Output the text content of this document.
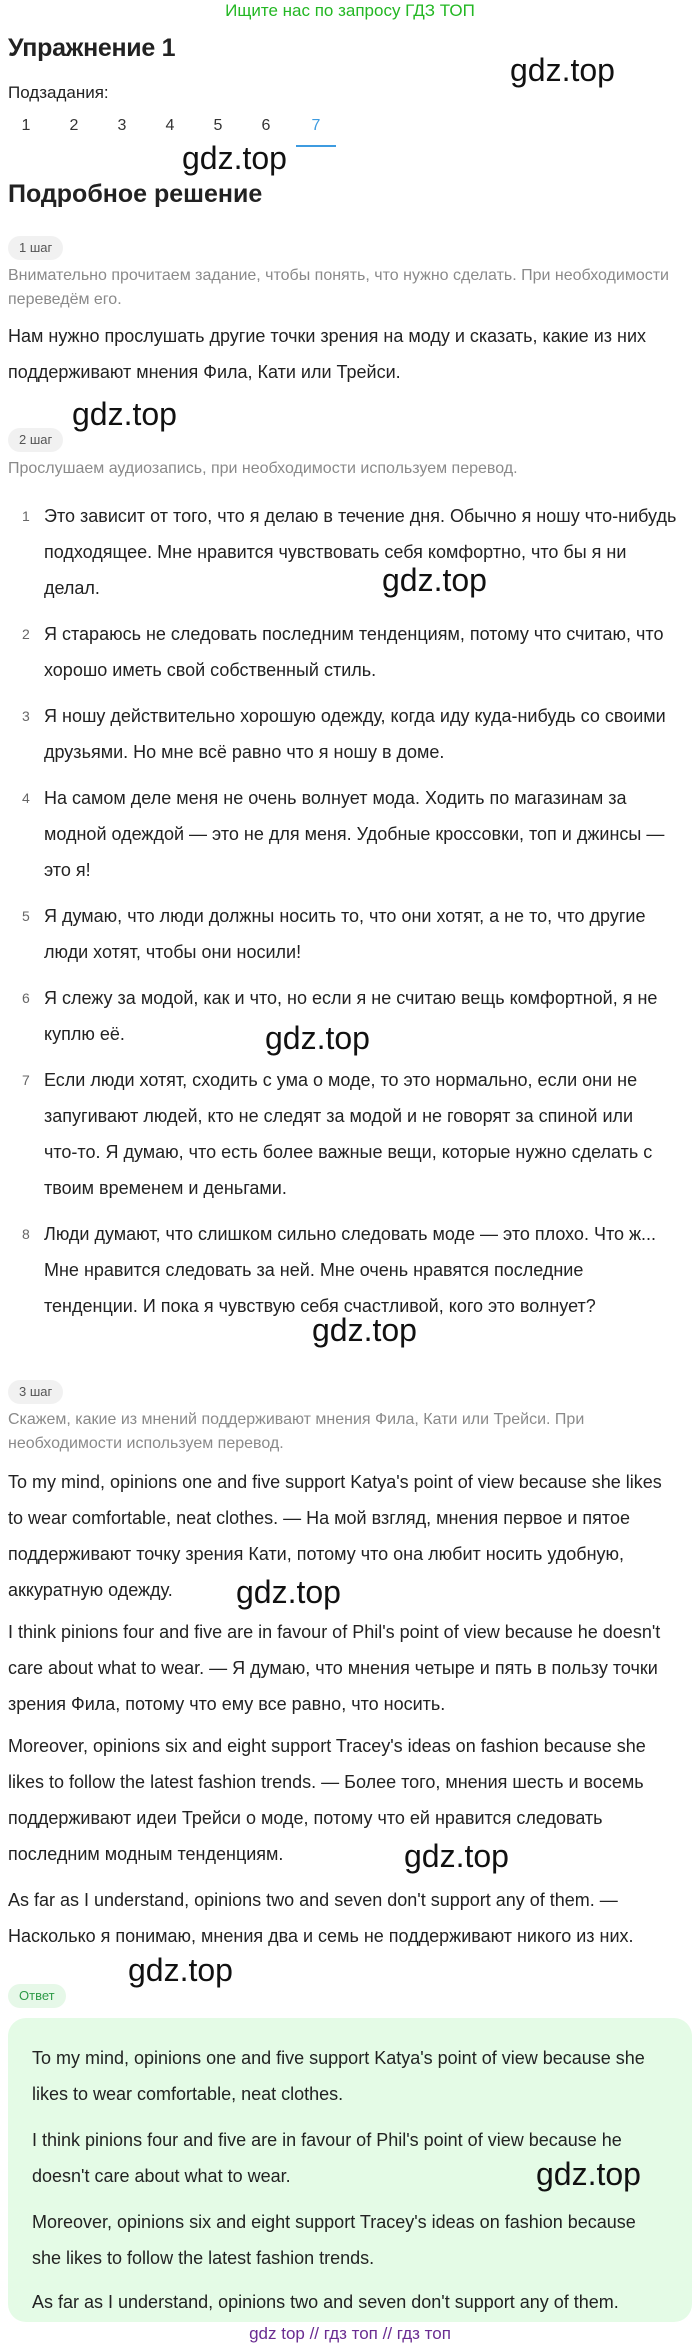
Ищите нас по запросу ГДЗ ТОП
Упражнение 1
gdz.top
Подзадания:
1	2	3	4	5	6	7
gdz.top
Подробное решение
1 шаг
Внимательно прочитаем задание, чтобы понять, что нужно сделать. При необходимости переведём его.
Нам нужно прослушать другие точки зрения на моду и сказать, какие из них
поддерживают мнения Фила, Кати или Трейси.
gdz.top
2 шаг
Прослушаем аудиозапись, при необходимости используем перевод.
1 Это зависит от того, что я делаю в течение дня. Обычно я ношу что-нибудь
подходящее. Мне нравится чувствовать себя комфортно, что бы я ни
делал.	gdz.top
2 Я стараюсь не следовать последним тенденциям, потому что считаю, что
хорошо иметь свой собственный стиль.
3 Я ношу действительно хорошую одежду, когда иду куда-нибудь со своими
друзьями. Но мне всё равно что я ношу в доме.
4 На самом деле меня не очень волнует мода. Ходить по магазинам за
модной одеждой — это не для меня. Удобные кроссовки, топ и джинсы —
это я!
5 Я думаю, что люди должны носить то, что они хотят, а не то, что другие
люди хотят, чтобы они носили!
6 Я слежу за модой, как и что, но если я не считаю вещь комфортной, я не
куплю её.	gdz.top
7 Если люди хотят, сходить с ума о моде, то это нормально, если они не
запугивают людей, кто не следят за модой и не говорят за спиной или
что-то. Я думаю, что есть более важные вещи, которые нужно сделать с
твоим временем и деньгами.
8 Люди думают, что слишком сильно следовать моде — это плохо. Что ж...
Мне нравится следовать за ней. Мне очень нравятся последние
тенденции. И пока я чувствую себя счастливой, кого это волнует?
gdz.top
3 шаг
Скажем, какие из мнений поддерживают мнения Фила, Кати или Трейси. При
необходимости используем перевод.
To my mind, opinions one and five support Katya's point of view because she likes
to wear comfortable, neat clothes. — На мой взгляд, мнения первое и пятое
поддерживают точку зрения Кати, потому что она любит носить удобную,
аккуратную одежду.	gdz.top
I think pinions four and five are in favour of Phil's point of view because he doesn't
care about what to wear. — Я думаю, что мнения четыре и пять в пользу точки
зрения Фила, потому что ему все равно, что носить.
Moreover, opinions six and eight support Tracey's ideas on fashion because she
likes to follow the latest fashion trends. — Более того, мнения шесть и восемь
поддерживают идеи Трейси о моде, потому что ей нравится следовать
последним модным тенденциям.	gdz.top
As far as I understand, opinions two and seven don't support any of them. —
Насколько я понимаю, мнения два и семь не поддерживают никого из них.
gdz.top
Ответ
To my mind, opinions one and five support Katya's point of view because she
likes to wear comfortable, neat clothes.
I think pinions four and five are in favour of Phil's point of view because he
doesn't care about what to wear.	gdz.top
Moreover, opinions six and eight support Tracey's ideas on fashion because
she likes to follow the latest fashion trends.
As far as I understand, opinions two and seven don't support any of them.
gdz top // гдз топ // гдз топ
